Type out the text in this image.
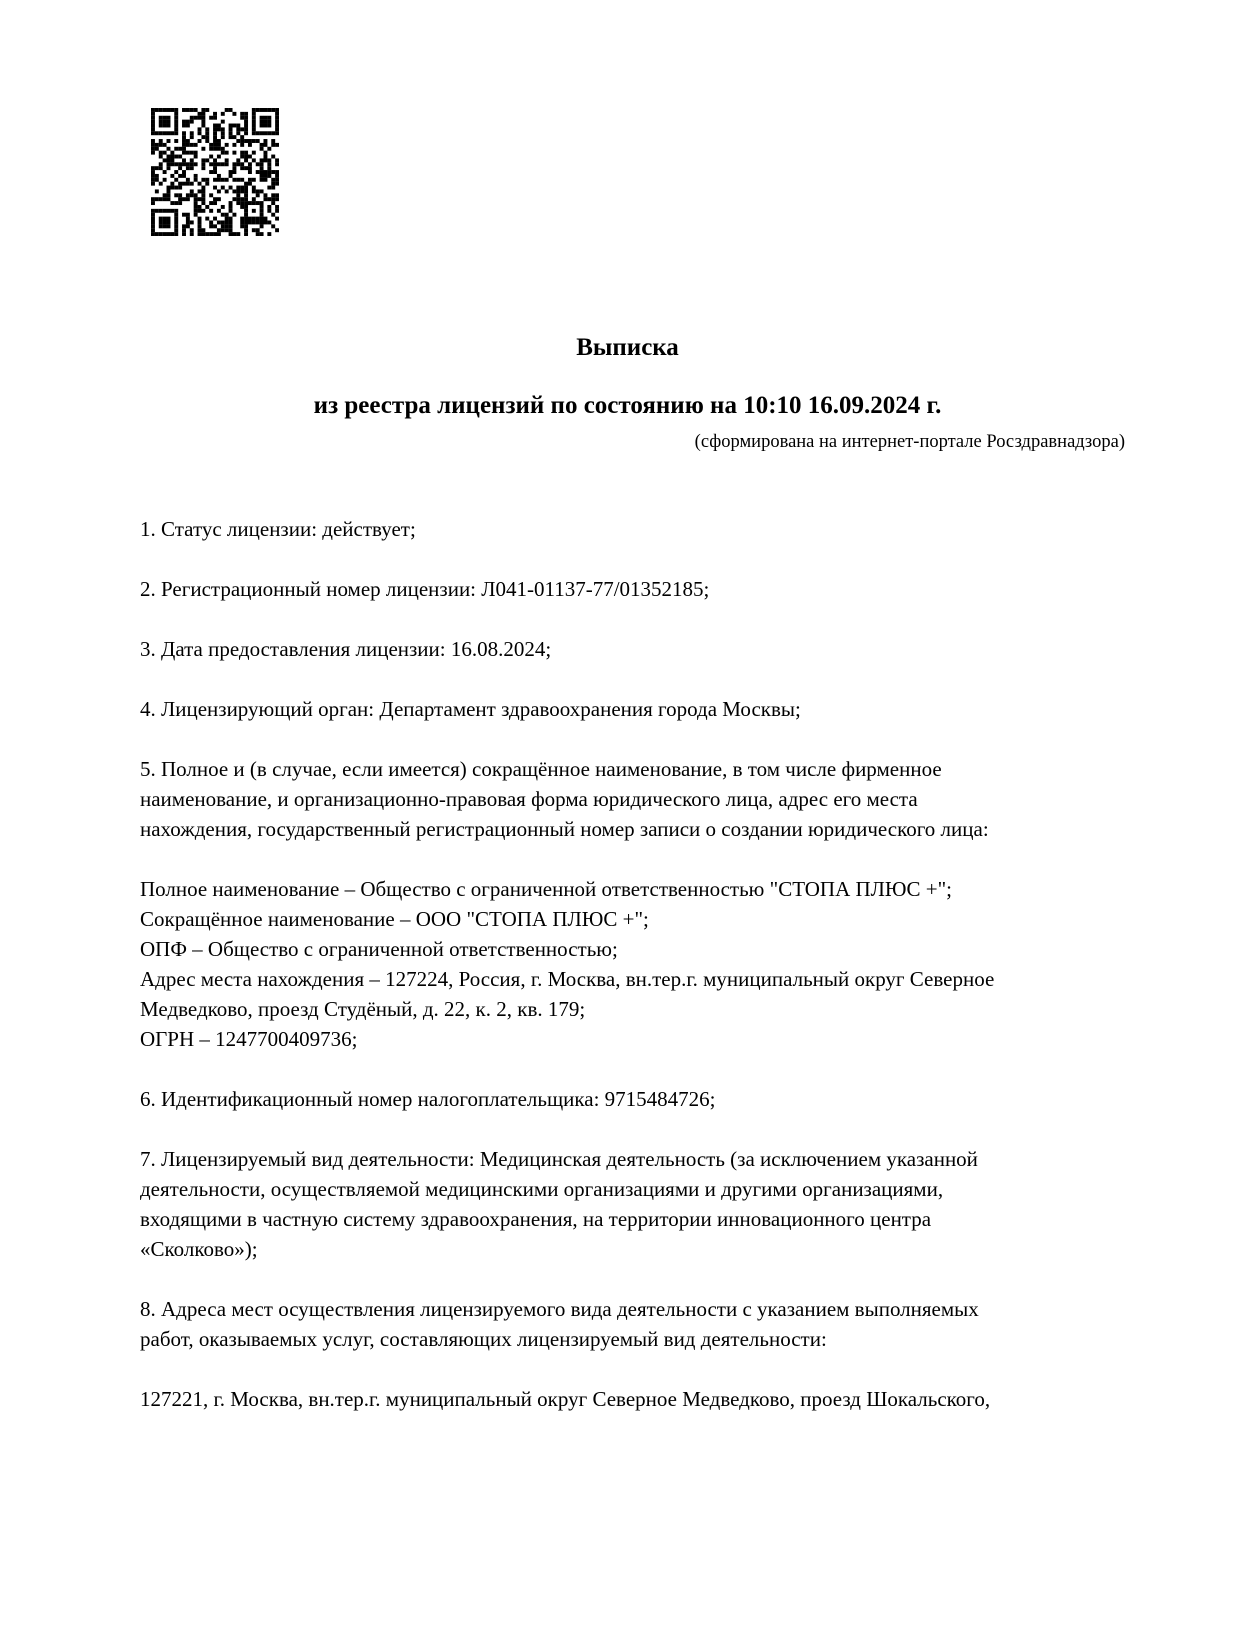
Выписка
из реестра лицензий по состоянию на 10:10 16.09.2024 г.
(сформирована на интернет-портале Росздравнадзора)
1. Статус лицензии: действует;
2. Регистрационный номер лицензии: Л041-01137-77/01352185;
3. Дата предоставления лицензии: 16.08.2024;
4. Лицензирующий орган: Департамент здравоохранения города Москвы;
5. Полное и (в случае, если имеется) сокращённое наименование, в том числе фирменное
наименование, и организационно-правовая форма юридического лица, адрес его места
нахождения, государственный регистрационный номер записи о создании юридического лица:
Полное наименование – Общество с ограниченной ответственностью "СТОПА ПЛЮС +";
Сокращённое наименование – ООО "СТОПА ПЛЮС +";
ОПФ – Общество с ограниченной ответственностью;
Адрес места нахождения – 127224, Россия, г. Москва, вн.тер.г. муниципальный округ Северное
Медведково, проезд Студёный, д. 22, к. 2, кв. 179;
ОГРН – 1247700409736;
6. Идентификационный номер налогоплательщика: 9715484726;
7. Лицензируемый вид деятельности: Медицинская деятельность (за исключением указанной
деятельности, осуществляемой медицинскими организациями и другими организациями,
входящими в частную систему здравоохранения, на территории инновационного центра
«Сколково»);
8. Адреса мест осуществления лицензируемого вида деятельности с указанием выполняемых
работ, оказываемых услуг, составляющих лицензируемый вид деятельности:
127221, г. Москва, вн.тер.г. муниципальный округ Северное Медведково, проезд Шокальского,
